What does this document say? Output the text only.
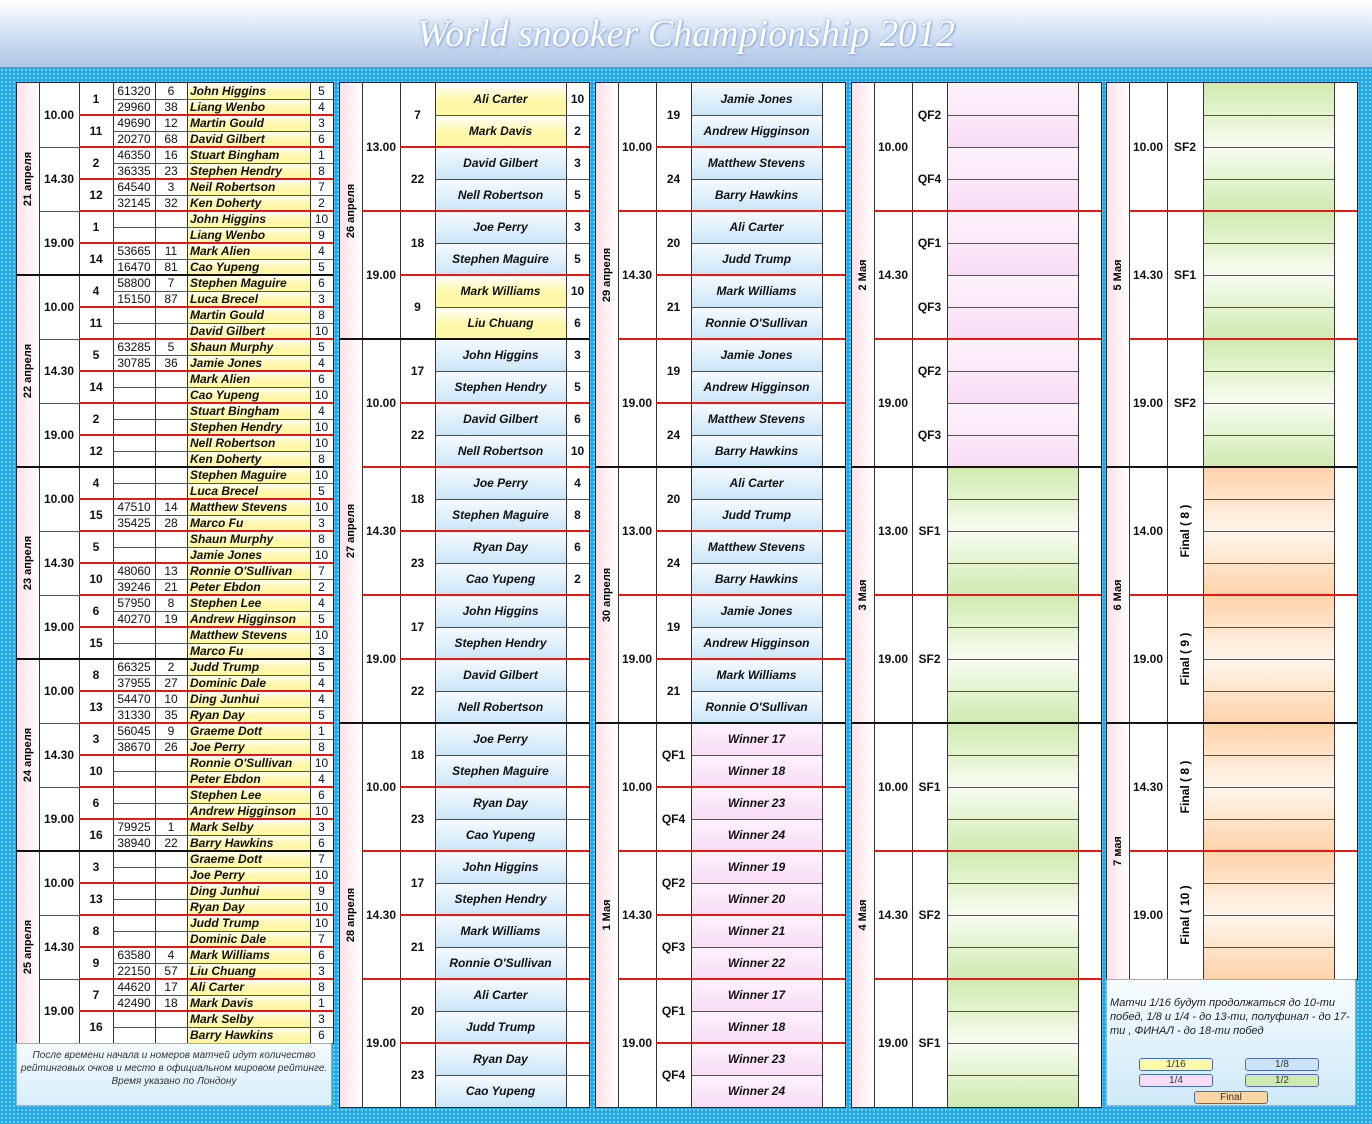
World snooker Championship 2012
21 апреля
10.00
1
61320	6	John Higgins	5
29960	38	Liang Wenbo	4
11
49690	12	Martin Gould	3
20270	68	David Gilbert	6
14.30
2
46350	16	Stuart Bingham	1
36335	23	Stephen Hendry	8
12
64540	3	Neil Robertson	7
32145	32	Ken Doherty	2
19.00
1
John Higgins	10
Liang Wenbo	9
14
53665	11	Mark Alien	4
16470	81	Cao Yupeng	5
22 апреля
10.00
4
58800	7	Stephen Maguire	6
15150	87	Luca Brecel	3
11
Martin Gould	8
David Gilbert	10
14.30
5
63285	5	Shaun Murphy	5
30785	36	Jamie Jones	4
14
Mark Alien	6
Cao Yupeng	10
19.00
2
Stuart Bingham	4
Stephen Hendry	10
12
Nell Robertson	10
Ken Doherty	8
23 апреля
10.00
4
Stephen Maguire	10
Luca Brecel	5
15
47510	14	Matthew Stevens	10
35425	28	Marco Fu	3
14.30
5
Shaun Murphy	8
Jamie Jones	10
10
48060	13	Ronnie O'Sullivan	7
39246	21	Peter Ebdon	2
19.00
6
57950	8	Stephen Lee	4
40270	19	Andrew Higginson	5
15
Matthew Stevens	10
Marco Fu	3
24 апреля
10.00
8
66325	2	Judd Trump	5
37955	27	Dominic Dale	4
13
54470	10	Ding Junhui	4
31330	35	Ryan Day	5
14.30
3
56045	9	Graeme Dott	1
38670	26	Joe Perry	8
10
Ronnie O'Sullivan	10
Peter Ebdon	4
19.00
6
Stephen Lee	6
Andrew Higginson	10
16
79925	1	Mark Selby	3
38940	22	Barry Hawkins	6
25 апреля
10.00
3
Graeme Dott	7
Joe Perry	10
13
Ding Junhui	9
Ryan Day	10
14.30
8
Judd Trump	10
Dominic Dale	7
9
63580	4	Mark Williams	6
22150	57	Liu Chuang	3
19.00
7
44620	17	Ali Carter	8
42490	18	Mark Davis	1
16
Mark Selby	3
Barry Hawkins	6
26 апреля
13.00
7
Ali Carter	10
Mark Davis	2
22
David Gilbert	3
Nell Robertson	5
19.00
18
Joe Perry	3
Stephen Maguire	5
9
Mark Williams	10
Liu Chuang	6
27 апреля
10.00
17
John Higgins	3
Stephen Hendry	5
22
David Gilbert	6
Nell Robertson	10
14.30
18
Joe Perry	4
Stephen Maguire	8
23
Ryan Day	6
Cao Yupeng	2
19.00
17
John Higgins
Stephen Hendry
22
David Gilbert
Nell Robertson
28 апреля
10.00
18
Joe Perry
Stephen Maguire
23
Ryan Day
Cao Yupeng
14.30
17
John Higgins
Stephen Hendry
21
Mark Williams
Ronnie O'Sullivan
19.00
20
Ali Carter
Judd Trump
23
Ryan Day
Cao Yupeng
29 апреля
10.00
19
Jamie Jones
Andrew Higginson
24
Matthew Stevens
Barry Hawkins
14.30
20
Ali Carter
Judd Trump
21
Mark Williams
Ronnie O'Sullivan
19.00
19
Jamie Jones
Andrew Higginson
24
Matthew Stevens
Barry Hawkins
30 апреля
13.00
20
Ali Carter
Judd Trump
24
Matthew Stevens
Barry Hawkins
19.00
19
Jamie Jones
Andrew Higginson
21
Mark Williams
Ronnie O'Sullivan
1 Мая
10.00
QF1
Winner 17
Winner 18
QF4
Winner 23
Winner 24
14.30
QF2
Winner 19
Winner 20
QF3
Winner 21
Winner 22
19.00
QF1
Winner 17
Winner 18
QF4
Winner 23
Winner 24
2 Мая
10.00
QF2
QF4
14.30
QF1
QF3
19.00
QF2
QF3
3 Мая
13.00 SF1
19.00 SF2
4 Мая
10.00 SF1
14.30 SF2
19.00 SF1
5 Мая
10.00 SF2
14.30 SF1
19.00 SF2
6 Мая
14.00	Final ( 8 )
19.00	Final ( 9 )
7 мая
14.30	Final ( 8 )
19.00	Final ( 10 )
После времени начала и номеров матчей идут количество рейтинговых очков и место в официальном мировом рейтинге. Время указано по Лондону
Матчи 1/16 будут продолжаться до 10-ти побед, 1/8 и 1/4 - до 13-ти, полуфинал - до 17-ти , ФИНАЛ - до 18-ти побед
1/16	1/8
1/4	1/2
Final
